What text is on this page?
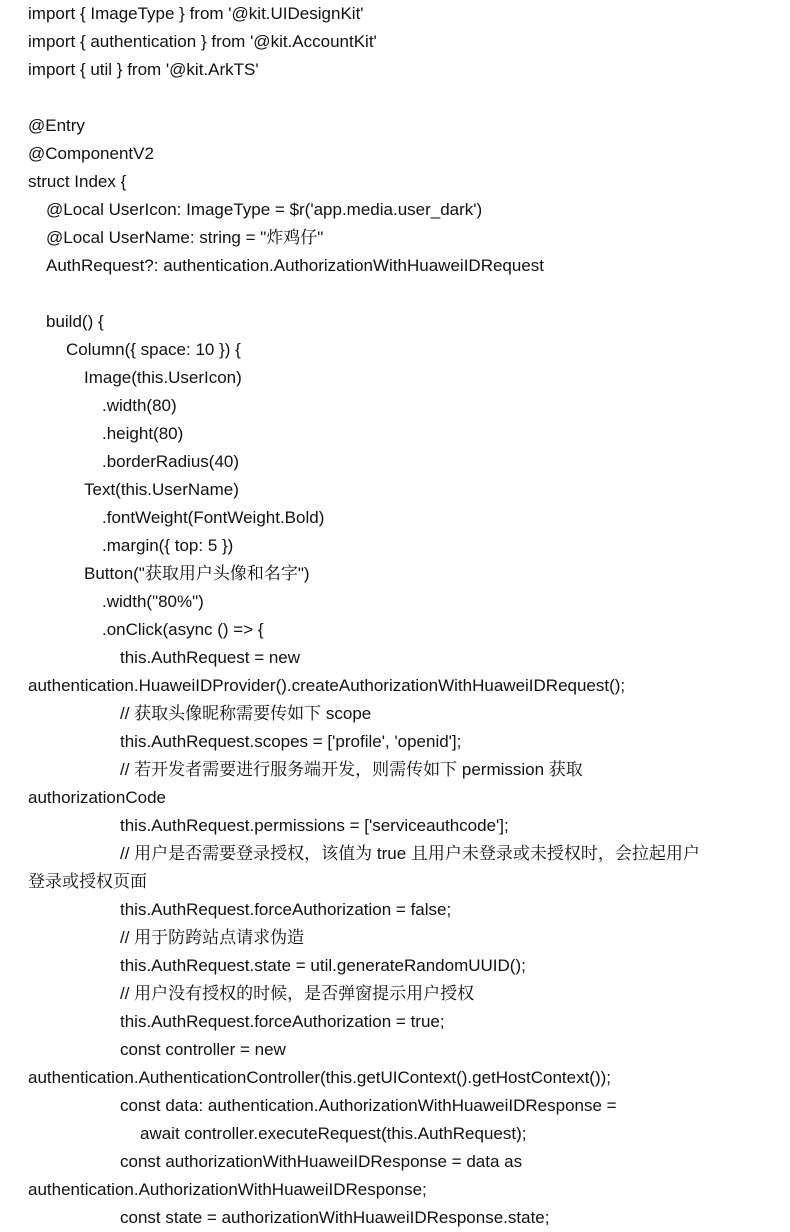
import { ImageType } from '@kit.UIDesignKit'
import { authentication } from '@kit.AccountKit'
import { util } from '@kit.ArkTS'
@Entry
@ComponentV2
struct Index {
@Local UserIcon: ImageType = $r('app.media.user_dark')
@Local UserName: string = "炸鸡仔"
AuthRequest?: authentication.AuthorizationWithHuaweiIDRequest
build() {
Column({ space: 10 }) {
Image(this.UserIcon)
.width(80)
.height(80)
.borderRadius(40)
Text(this.UserName)
.fontWeight(FontWeight.Bold)
.margin({ top: 5 })
Button("获取用户头像和名字")
.width("80%")
.onClick(async () => {
this.AuthRequest = new
authentication.HuaweiIDProvider().createAuthorizationWithHuaweiIDRequest();
// 获取头像昵称需要传如下 scope
this.AuthRequest.scopes = ['profile', 'openid'];
// 若开发者需要进行服务端开发，则需传如下 permission 获取
authorizationCode
this.AuthRequest.permissions = ['serviceauthcode'];
// 用户是否需要登录授权，该值为 true 且用户未登录或未授权时，会拉起用户
登录或授权页面
this.AuthRequest.forceAuthorization = false;
// 用于防跨站点请求伪造
this.AuthRequest.state = util.generateRandomUUID();
// 用户没有授权的时候，是否弹窗提示用户授权
this.AuthRequest.forceAuthorization = true;
const controller = new
authentication.AuthenticationController(this.getUIContext().getHostContext());
const data: authentication.AuthorizationWithHuaweiIDResponse =
await controller.executeRequest(this.AuthRequest);
const authorizationWithHuaweiIDResponse = data as
authentication.AuthorizationWithHuaweiIDResponse;
const state = authorizationWithHuaweiIDResponse.state;
